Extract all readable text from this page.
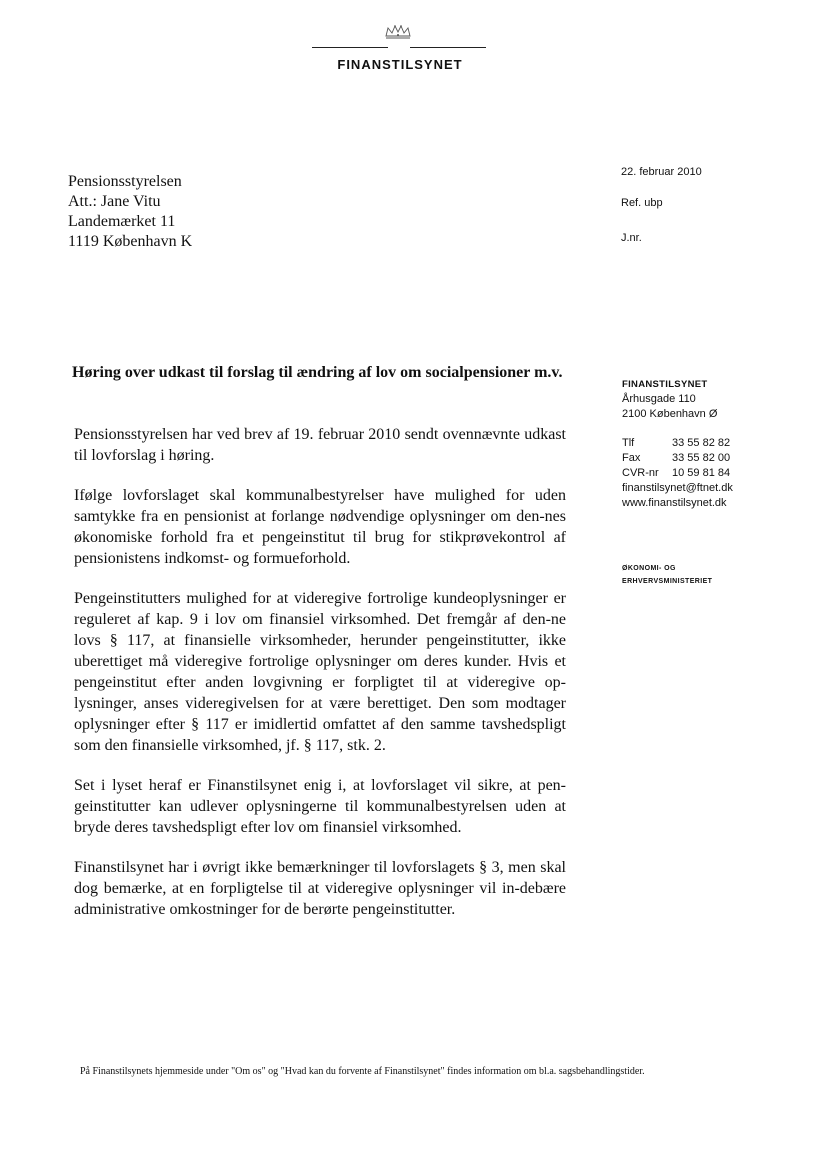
FINANSTILSYNET
Pensionsstyrelsen
Att.: Jane Vitu
Landemærket 11
1119 København K
22. februar 2010
Ref. ubp
J.nr.
Høring over udkast til forslag til ændring af lov om socialpensioner m.v.
FINANSTILSYNET
Århusgade 110
2100 København Ø
Tlf	33 55 82 82
Fax	33 55 82 00
CVR-nr	10 59 81 84
finanstilsynet@ftnet.dk
www.finanstilsynet.dk
ØKONOMI- OG
ERHVERVSMINISTERIET

Pensionsstyrelsen har ved brev af 19. februar 2010 sendt ovennævnte udkast til lovforslag i høring.

Ifølge lovforslaget skal kommunalbestyrelser have mulighed for uden samtykke fra en pensionist at forlange nødvendige oplysninger om den-nes økonomiske forhold fra et pengeinstitut til brug for stikprøvekontrol af pensionistens indkomst- og formueforhold.

Pengeinstitutters mulighed for at videregive fortrolige kundeoplysninger er reguleret af kap. 9 i lov om finansiel virksomhed. Det fremgår af den-ne lovs § 117, at finansielle virksomheder, herunder pengeinstitutter, ikke uberettiget må videregive fortrolige oplysninger om deres kunder. Hvis et pengeinstitut efter anden lovgivning er forpligtet til at videregive op-lysninger, anses videregivelsen for at være berettiget. Den som modtager oplysninger efter § 117 er imidlertid omfattet af den samme tavshedspligt som den finansielle virksomhed, jf. § 117, stk. 2.

Set i lyset heraf er Finanstilsynet enig i, at lovforslaget vil sikre, at pen-geinstitutter kan udlever oplysningerne til kommunalbestyrelsen uden at bryde deres tavshedspligt efter lov om finansiel virksomhed.

Finanstilsynet har i øvrigt ikke bemærkninger til lovforslagets § 3, men skal dog bemærke, at en forpligtelse til at videregive oplysninger vil in-debære administrative omkostninger for de berørte pengeinstitutter.

På Finanstilsynets hjemmeside under "Om os" og "Hvad kan du forvente af Finanstilsynet" findes information om bl.a. sagsbehandlingstider.
